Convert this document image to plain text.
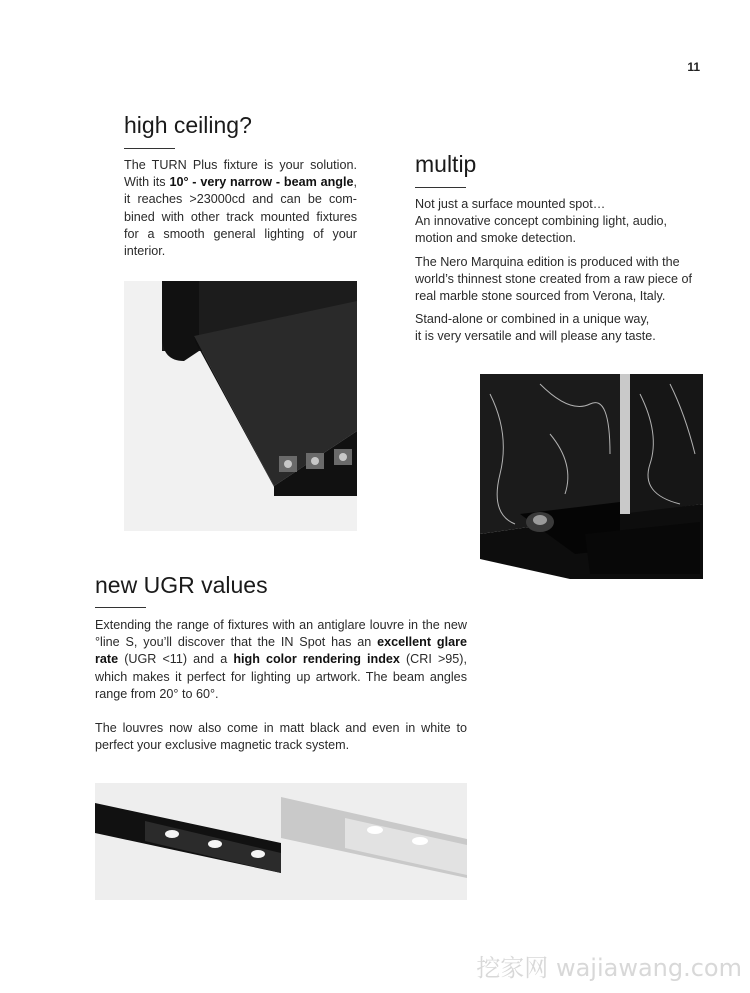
11
high ceiling?

The TURN Plus fixture is your solution. With its 10° - very narrow - beam angle, it reaches >23000cd and can be com-bined with other track mounted fixtures for a smooth general lighting of your interior.

multip

Not just a surface mounted spot…
An innovative concept combining light, audio, motion and smoke detection.

The Nero Marquina edition is produced with the world’s thinnest stone created from a raw piece of real marble stone sourced from Verona, Italy.

Stand-alone or combined in a unique way,
it is very versatile and will please any taste.

new UGR values

Extending the range of fixtures with an antiglare louvre in the new °line S, you’ll discover that the IN Spot has an excellent glare rate (UGR <11) and a high color rendering index (CRI >95), which makes it perfect for lighting up artwork. The beam angles range from 20° to 60°.

The louvres now also come in matt black and even in white to perfect your exclusive magnetic track system.

挖家网 wajiawang.com
